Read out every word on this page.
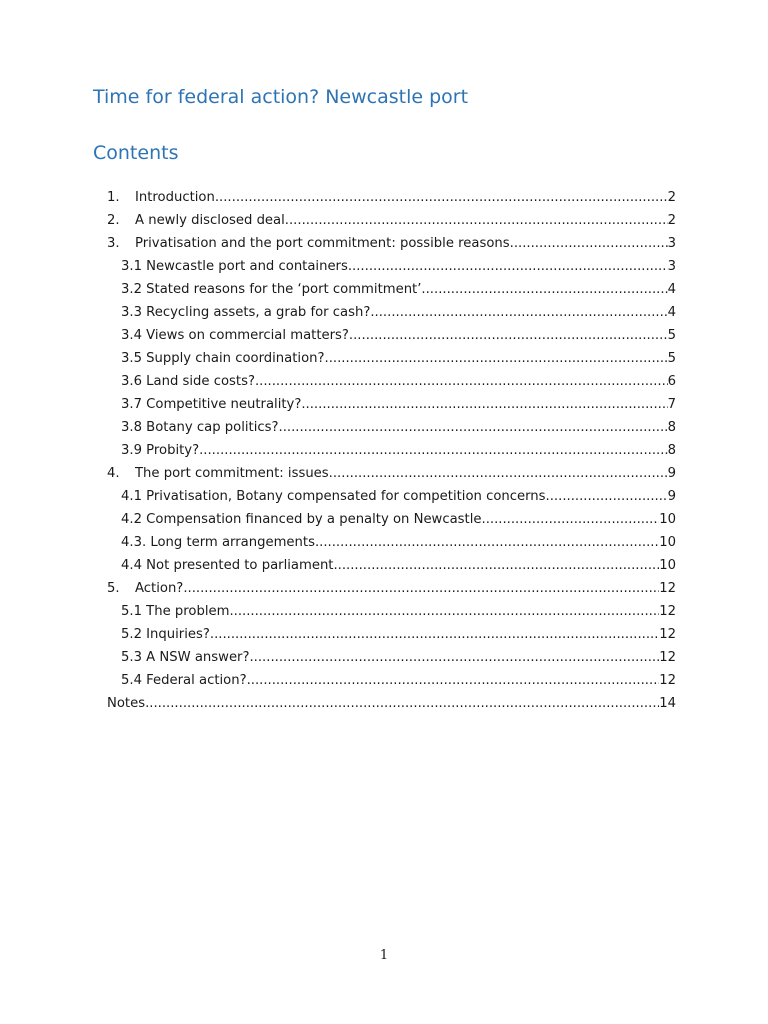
Time for federal action? Newcastle port
Contents
1.	Introduction .....	2
2.	A newly disclosed deal .....	2
3.	Privatisation and the port commitment: possible reasons .....	3
3.1 Newcastle port and containers .....	3
3.2 Stated reasons for the ‘port commitment’ .....	4
3.3 Recycling assets, a grab for cash? .....	4
3.4 Views on commercial matters? .....	5
3.5 Supply chain coordination? .....	5
3.6 Land side costs? .....	6
3.7 Competitive neutrality? .....	7
3.8 Botany cap politics? .....	8
3.9 Probity? .....	8
4.	The port commitment: issues .....	9
4.1 Privatisation, Botany compensated for competition concerns .....	9
4.2 Compensation financed by a penalty on Newcastle .....	10
4.3. Long term arrangements .....	10
4.4 Not presented to parliament .....	10
5.	Action? .....	12
5.1 The problem .....	12
5.2 Inquiries? .....	12
5.3 A NSW answer? .....	12
5.4 Federal action? .....	12
Notes .....	14
1
